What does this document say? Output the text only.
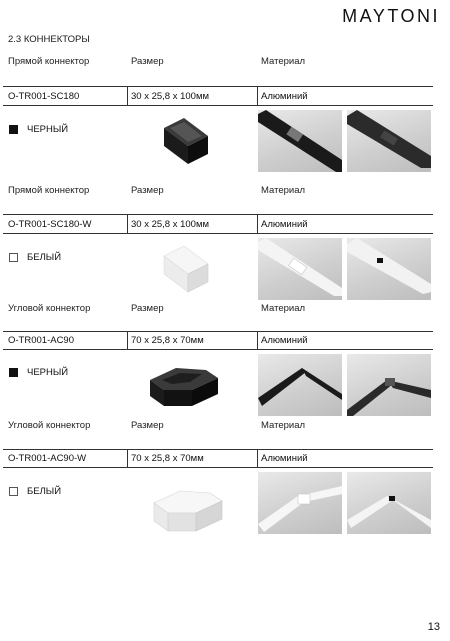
MAYTONI
2.3 КОННЕКТОРЫ
Прямой коннектор	Размер	Материал
O-TR001-SC180	30 х 25,8 х 100мм	Алюминий
ЧЕРНЫЙ
Прямой коннектор	Размер	Материал
O-TR001-SC180-W	30 х 25,8 х 100мм	Алюминий
БЕЛЫЙ
Угловой коннектор	Размер	Материал
O-TR001-AC90	70 х 25,8 х 70мм	Алюминий
ЧЕРНЫЙ
Угловой коннектор	Размер	Материал
O-TR001-AC90-W	70 х 25,8 х 70мм	Алюминий
БЕЛЫЙ
13
